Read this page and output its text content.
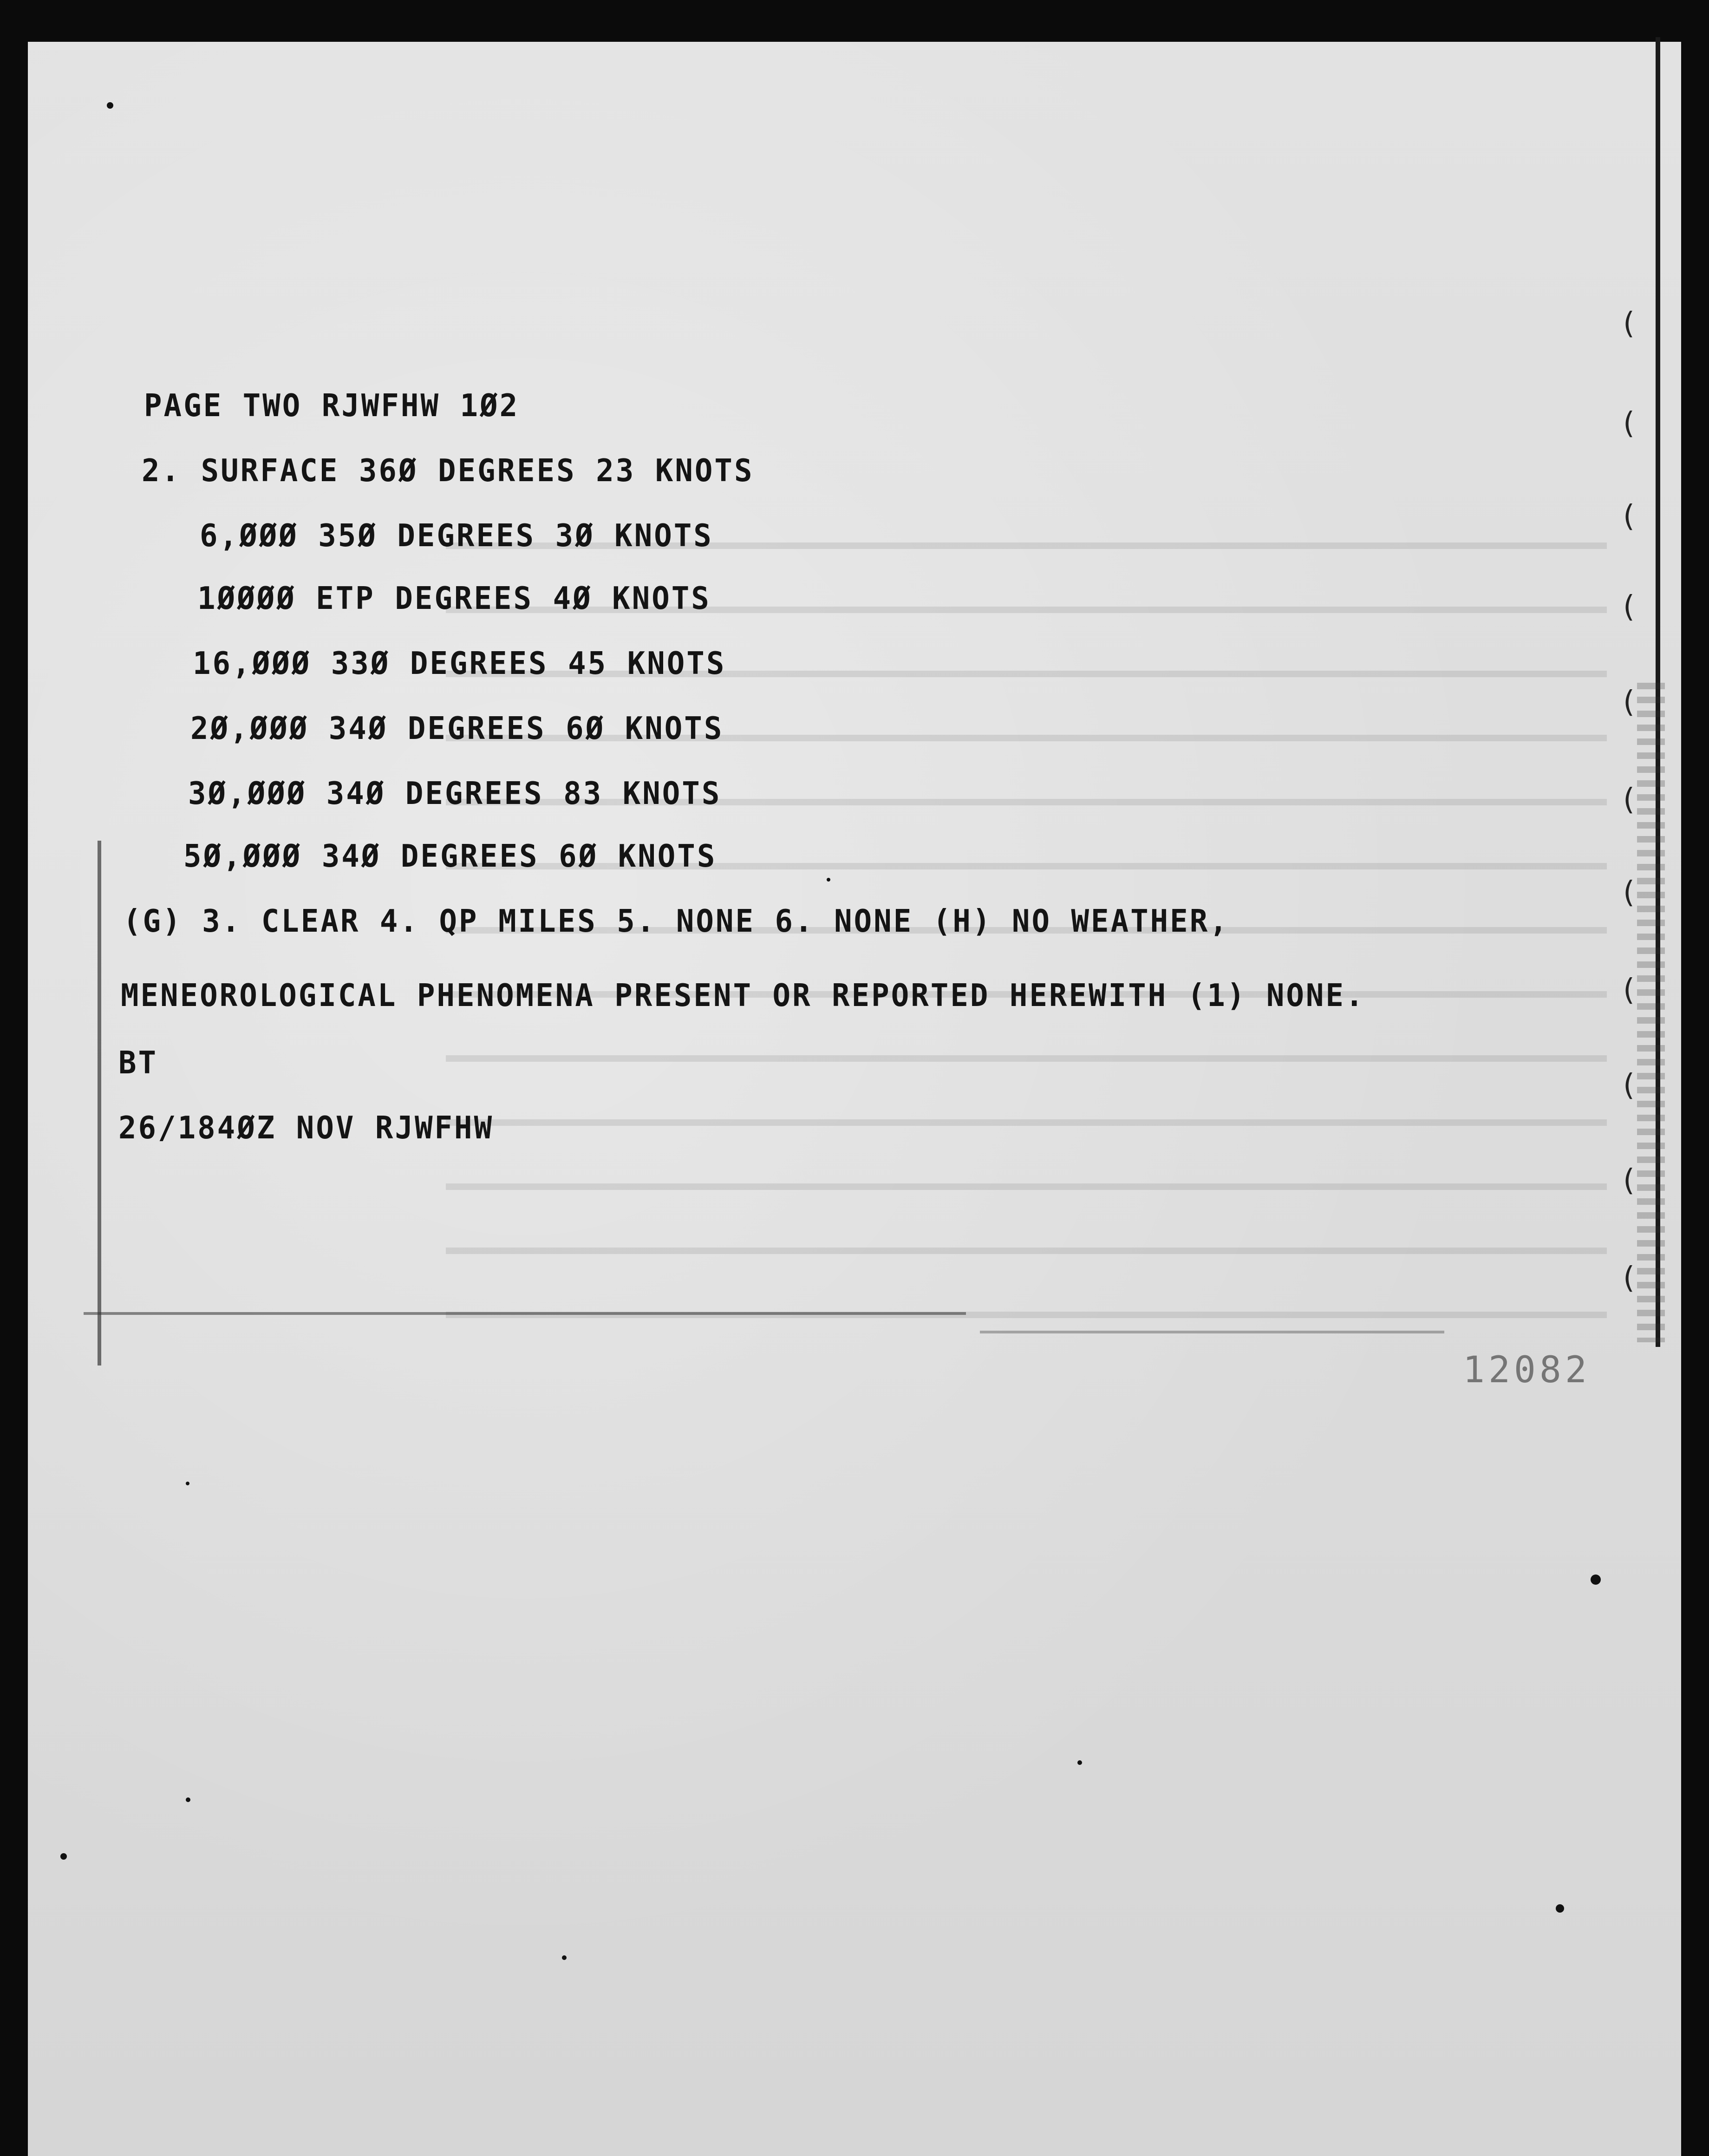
12082
(
(
(
(
(
(
(
(
(
(
(
PAGE TWO RJWFHW 1Ø2
2. SURFACE 36Ø DEGREES 23 KNOTS
6,ØØØ 35Ø DEGREES 3Ø KNOTS
1ØØØØ ETP DEGREES 4Ø KNOTS
16,ØØØ 33Ø DEGREES 45 KNOTS
2Ø,ØØØ 34Ø DEGREES 6Ø KNOTS
3Ø,ØØØ 34Ø DEGREES 83 KNOTS
5Ø,ØØØ 34Ø DEGREES 6Ø KNOTS
(G) 3. CLEAR 4. QP MILES 5. NONE 6. NONE (H) NO WEATHER,
MENEOROLOGICAL PHENOMENA PRESENT OR REPORTED HEREWITH (1) NONE.
BT
26/184ØZ NOV RJWFHW
